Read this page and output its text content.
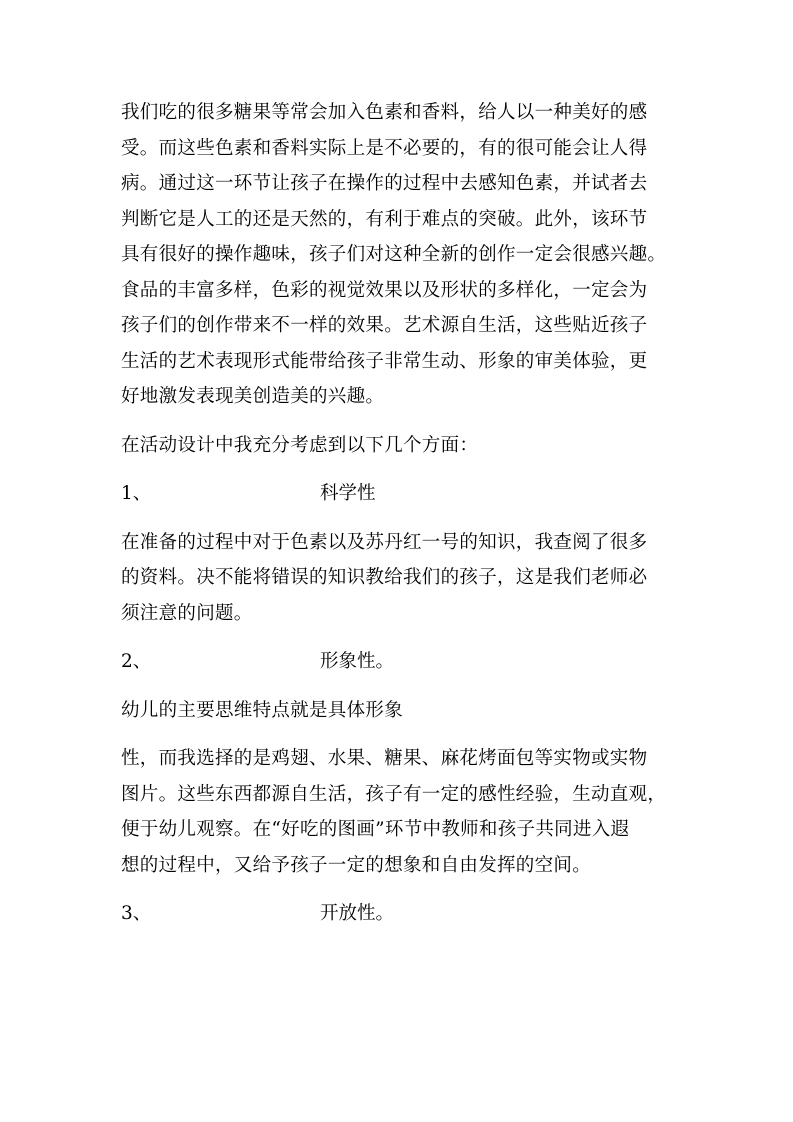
我们吃的很多糖果等常会加入色素和香料，给人以一种美好的感
受。而这些色素和香料实际上是不必要的，有的很可能会让人得
病。通过这一环节让孩子在操作的过程中去感知色素，并试者去
判断它是人工的还是天然的，有利于难点的突破。此外，该环节
具有很好的操作趣味，孩子们对这种全新的创作一定会很感兴趣。
食品的丰富多样，色彩的视觉效果以及形状的多样化，一定会为
孩子们的创作带来不一样的效果。艺术源自生活，这些贴近孩子
生活的艺术表现形式能带给孩子非常生动、形象的审美体验，更
好地激发表现美创造美的兴趣。

在活动设计中我充分考虑到以下几个方面：

1、	科学性

在准备的过程中对于色素以及苏丹红一号的知识，我查阅了很多
的资料。决不能将错误的知识教给我们的孩子，这是我们老师必
须注意的问题。

2、	形象性。

幼儿的主要思维特点就是具体形象

性，而我选择的是鸡翅、水果、糖果、麻花烤面包等实物或实物
图片。这些东西都源自生活，孩子有一定的感性经验，生动直观，
便于幼儿观察。在“好吃的图画”环节中教师和孩子共同进入遐
想的过程中，又给予孩子一定的想象和自由发挥的空间。

3、	开放性。
